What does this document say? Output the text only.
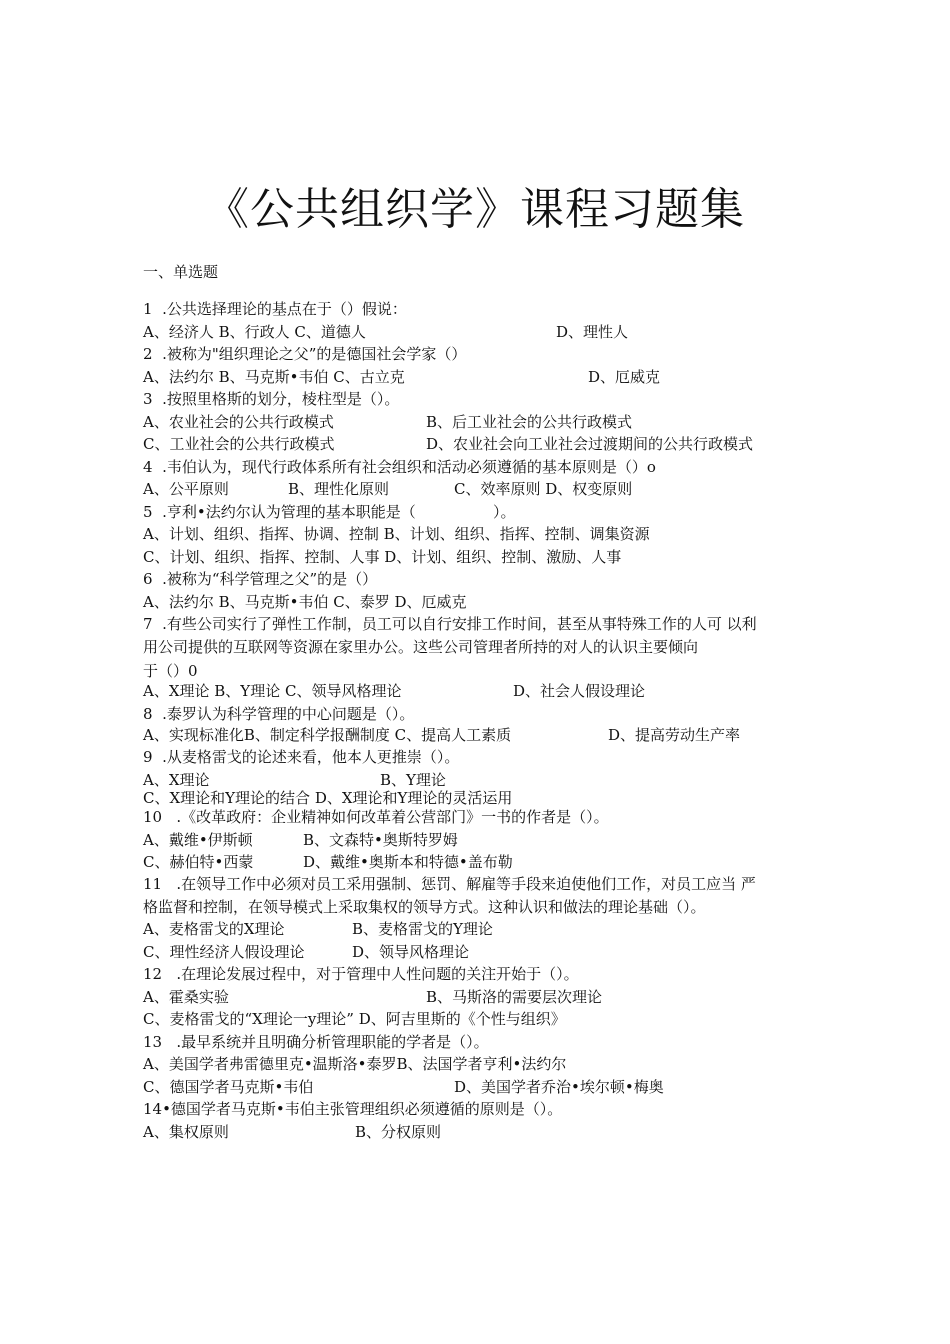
《公共组织学》课程习题集
一、单选题
1  .公共选择理论的基点在于（）假说：
A、经济人 B、行政人 C、道德人	D、理性人
2  .被称为"组织理论之父”的是德国社会学家（）
A、法约尔 B、马克斯•韦伯 C、古立克	D、厄威克
3  .按照里格斯的划分，棱柱型是（）。
A、农业社会的公共行政模式	B、后工业社会的公共行政模式
C、工业社会的公共行政模式	D、农业社会向工业社会过渡期间的公共行政模式
4  .韦伯认为，现代行政体系所有社会组织和活动必须遵循的基本原则是（）o
A、公平原则	B、理性化原则	C、效率原则 D、权变原则
5  .亨利•法约尔认为管理的基本职能是（	）。
A、计划、组织、指挥、协调、控制 B、计划、组织、指挥、控制、调集资源
C、计划、组织、指挥、控制、人事 D、计划、组织、控制、激励、人事
6  .被称为“科学管理之父”的是（）
A、法约尔 B、马克斯•韦伯 C、泰罗 D、厄威克
7  .有些公司实行了弹性工作制，员工可以自行安排工作时间，甚至从事特殊工作的人可 以利
用公司提供的互联网等资源在家里办公。这些公司管理者所持的对人的认识主要倾向
于（）0
A、X理论 B、Y理论 C、领导风格理论	D、社会人假设理论
8  .泰罗认为科学管理的中心问题是（）。
A、实现标准化B、制定科学报酬制度 C、提高人工素质	D、提高劳动生产率
9  .从麦格雷戈的论述来看，他本人更推崇（）。
A、X理论	B、Y理论
C、X理论和Y理论的结合 D、X理论和Y理论的灵活运用
10   .《改革政府：企业精神如何改革着公营部门》一书的作者是（）。
A、戴维•伊斯顿	B、文森特•奥斯特罗姆
C、赫伯特•西蒙	D、戴维•奥斯本和特德•盖布勒
11   .在领导工作中必须对员工采用强制、惩罚、解雇等手段来迫使他们工作，对员工应当 严
格监督和控制，在领导模式上采取集权的领导方式。这种认识和做法的理论基础（）。
A、麦格雷戈的X理论	B、麦格雷戈的Y理论
C、理性经济人假设理论	D、领导风格理论
12   .在理论发展过程中，对于管理中人性问题的关注开始于（）。
A、霍桑实验	B、马斯洛的需要层次理论
C、麦格雷戈的“X理论一y理论” D、阿吉里斯的《个性与组织》
13   .最早系统并且明确分析管理职能的学者是（）。
A、美国学者弗雷德里克•温斯洛•泰罗B、法国学者亨利•法约尔
C、德国学者马克斯•韦伯	D、美国学者乔治•埃尔顿•梅奥
14•德国学者马克斯•韦伯主张管理组织必须遵循的原则是（）。
A、集权原则	B、分权原则
